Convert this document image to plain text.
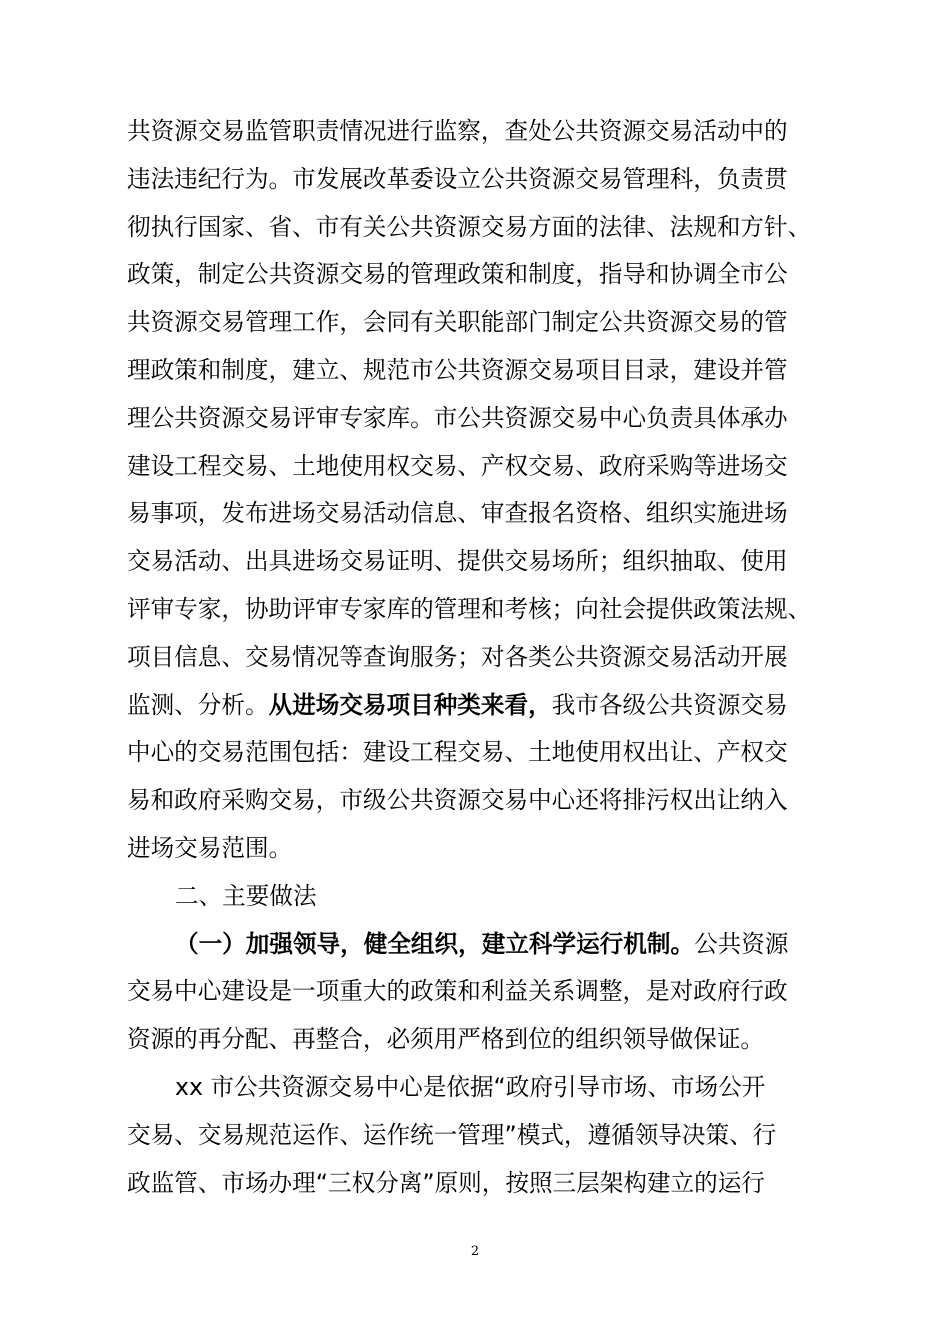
共资源交易监管职责情况进行监察，查处公共资源交易活动中的
违法违纪行为。市发展改革委设立公共资源交易管理科，负责贯
彻执行国家、省、市有关公共资源交易方面的法律、法规和方针、
政策，制定公共资源交易的管理政策和制度，指导和协调全市公
共资源交易管理工作，会同有关职能部门制定公共资源交易的管
理政策和制度，建立、规范市公共资源交易项目目录，建设并管
理公共资源交易评审专家库。市公共资源交易中心负责具体承办
建设工程交易、土地使用权交易、产权交易、政府采购等进场交
易事项，发布进场交易活动信息、审查报名资格、组织实施进场
交易活动、出具进场交易证明、提供交易场所；组织抽取、使用
评审专家，协助评审专家库的管理和考核；向社会提供政策法规、
项目信息、交易情况等查询服务；对各类公共资源交易活动开展
监测、分析。从进场交易项目种类来看，我市各级公共资源交易
中心的交易范围包括：建设工程交易、土地使用权出让、产权交
易和政府采购交易，市级公共资源交易中心还将排污权出让纳入
进场交易范围。
二、主要做法
（一）加强领导，健全组织，建立科学运行机制。公共资源
交易中心建设是一项重大的政策和利益关系调整，是对政府行政
资源的再分配、再整合，必须用严格到位的组织领导做保证。
xx 市公共资源交易中心是依据“政府引导市场、市场公开
交易、交易规范运作、运作统一管理”模式，遵循领导决策、行
政监管、市场办理“三权分离”原则，按照三层架构建立的运行
2
